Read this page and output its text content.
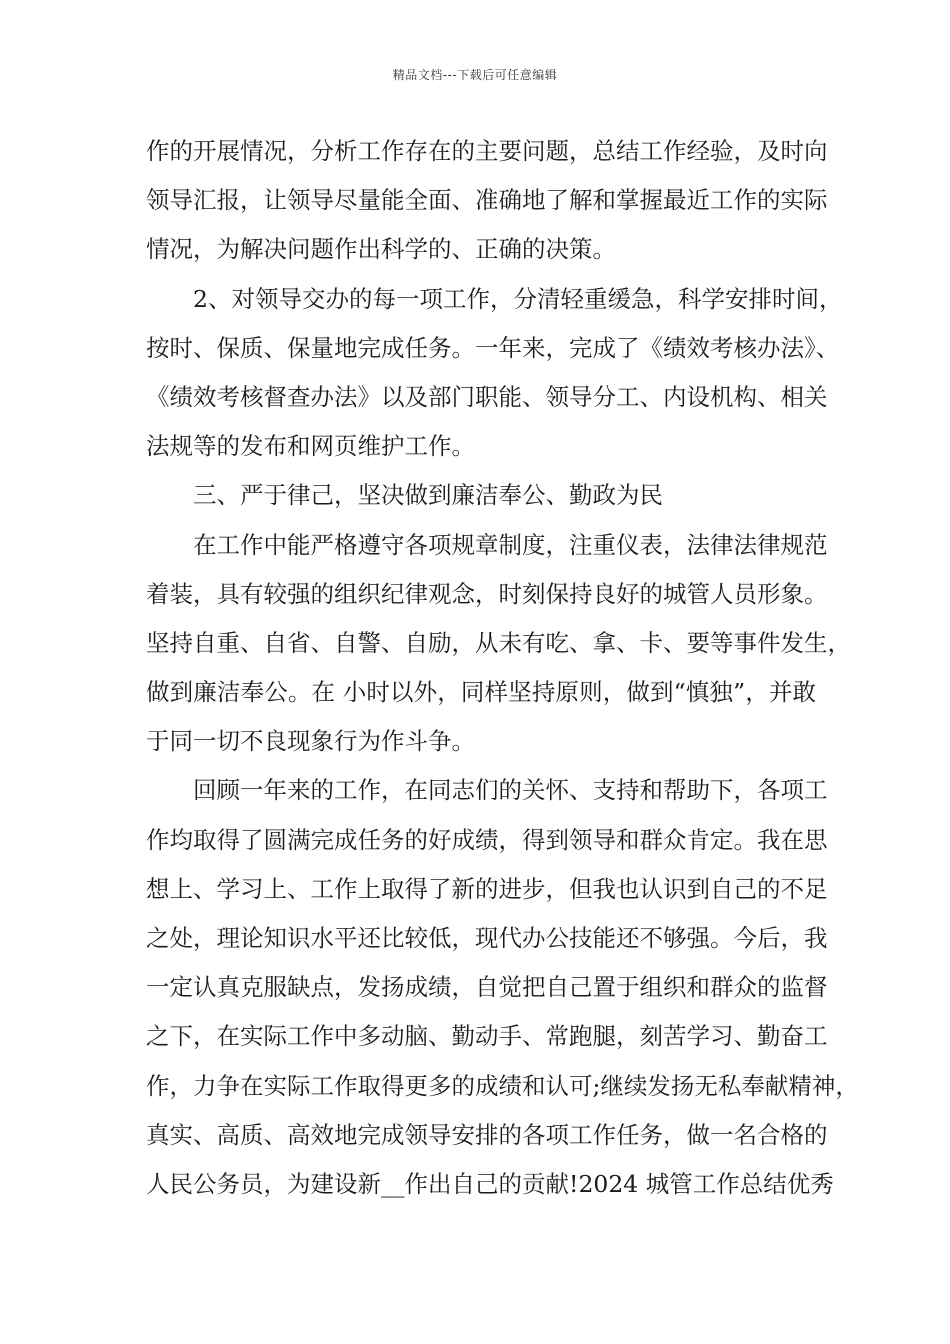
精品文档---下载后可任意编辑
作的开展情况，分析工作存在的主要问题，总结工作经验，及时向
领导汇报，让领导尽量能全面、准确地了解和掌握最近工作的实际
情况，为解决问题作出科学的、正确的决策。
2、对领导交办的每一项工作，分清轻重缓急，科学安排时间，
按时、保质、保量地完成任务。一年来，完成了《绩效考核办法》、
《绩效考核督查办法》以及部门职能、领导分工、内设机构、相关
法规等的发布和网页维护工作。
三、严于律己，坚决做到廉洁奉公、勤政为民
在工作中能严格遵守各项规章制度，注重仪表，法律法律规范
着装，具有较强的组织纪律观念，时刻保持良好的城管人员形象。
坚持自重、自省、自警、自励，从未有吃、拿、卡、要等事件发生，
做到廉洁奉公。在 小时以外，同样坚持原则，做到“慎独”，并敢
于同一切不良现象行为作斗争。
回顾一年来的工作，在同志们的关怀、支持和帮助下，各项工
作均取得了圆满完成任务的好成绩，得到领导和群众肯定。我在思
想上、学习上、工作上取得了新的进步，但我也认识到自己的不足
之处，理论知识水平还比较低，现代办公技能还不够强。今后，我
一定认真克服缺点，发扬成绩，自觉把自己置于组织和群众的监督
之下，在实际工作中多动脑、勤动手、常跑腿，刻苦学习、勤奋工
作，力争在实际工作取得更多的成绩和认可;继续发扬无私奉献精神，
真实、高质、高效地完成领导安排的各项工作任务，做一名合格的
人民公务员，为建设新__作出自己的贡献!2024 城管工作总结优秀
